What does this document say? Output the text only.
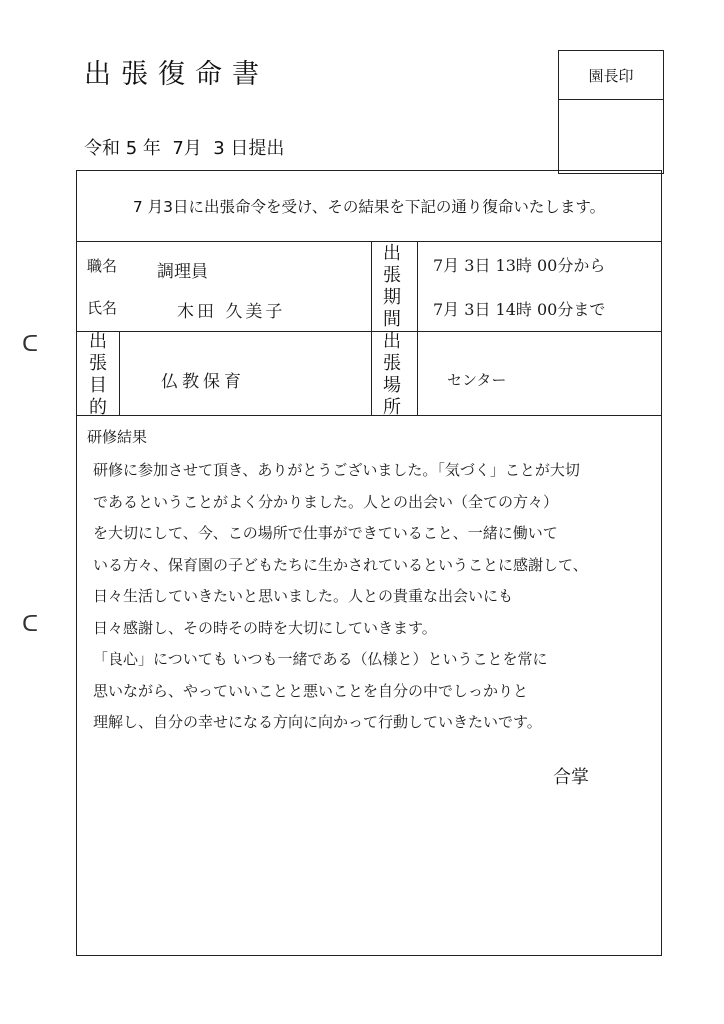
出張復命書	園長印
令和 5 年  7月  3 日提出
ᑕ
ᑕ
7 月3日に出張命令を受け、その結果を下記の通り復命いたします。
職名 調理員
氏名	木田 久美子
出
張
期
間
7月 3日 13時 00分から
7月 3日 14時 00分まで
出
張
目
的
仏教保育
出
張
場
所
センター
研修結果
研修に参加させて頂き、ありがとうございました。「気づく」ことが大切
であるということがよく分かりました。人との出会い（全ての方々）
を大切にして、今、この場所で仕事ができていること、一緒に働いて
いる方々、保育園の子どもたちに生かされているということに感謝して、
日々生活していきたいと思いました。人との貴重な出会いにも
日々感謝し、その時その時を大切にしていきます。
「良心」についても いつも一緒である（仏様と）ということを常に
思いながら、やっていいことと悪いことを自分の中でしっかりと
理解し、自分の幸せになる方向に向かって行動していきたいです。
合掌
